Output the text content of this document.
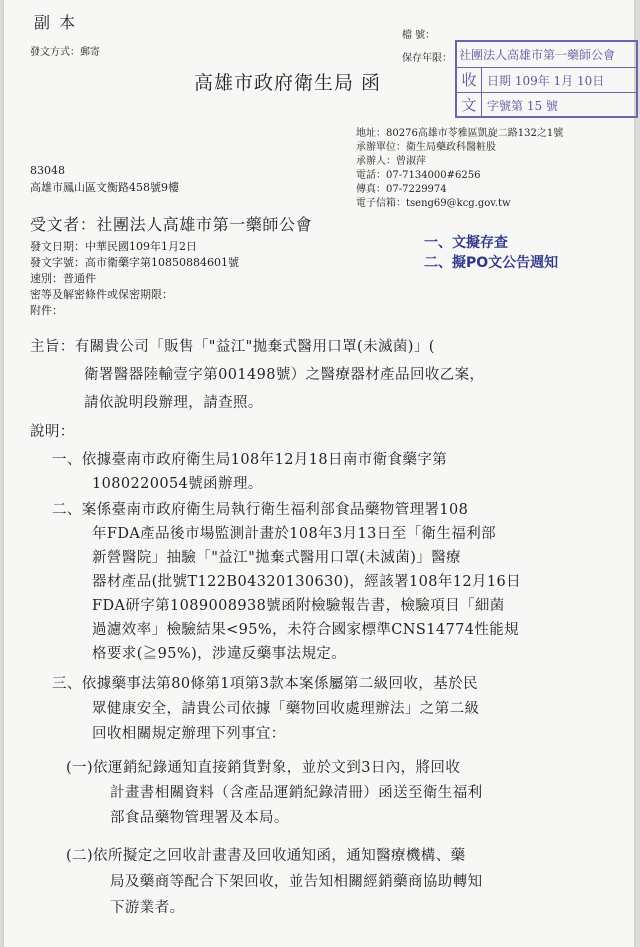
副 本
發文方式：郵寄
檔 號：
保存年限：
高雄市政府衛生局 函
社團法人高雄市第一藥師公會
收 日期 109年 1月 10日
文 字號第 15 號
地址：80276高雄市苓雅區凱旋二路132之1號
承辦單位：衛生局藥政科醫粧股
承辦人：曾淑萍
電話：07-7134000#6256
傳真：07-7229974
電子信箱：tseng69@kcg.gov.tw
83048
高雄市鳳山區文衡路458號9樓
受文者：社團法人高雄市第一藥師公會
發文日期：中華民國109年1月2日
發文字號：高市衛藥字第10850884601號
速別：普通件
密等及解密條件或保密期限：
附件：
一、文擬存查
二、擬PO文公告週知
主旨：有關貴公司「販售「"益江"拋棄式醫用口罩(未滅菌)」(
衛署醫器陸輸壹字第001498號）之醫療器材產品回收乙案，
請依說明段辦理，請查照。
說明：
一、依據臺南市政府衛生局108年12月18日南市衛食藥字第
1080220054號函辦理。
二、案係臺南市政府衛生局執行衛生福利部食品藥物管理署108
年FDA產品後市場監測計畫於108年3月13日至「衛生福利部
新營醫院」抽驗「"益江"拋棄式醫用口罩(未滅菌)」醫療
器材產品(批號T122B04320130630)，經該署108年12月16日
FDA研字第1089008938號函附檢驗報告書，檢驗項目「細菌
過濾效率」檢驗結果<95%，未符合國家標準CNS14774性能規
格要求(≧95%)，涉違反藥事法規定。
三、依據藥事法第80條第1項第3款本案係屬第二級回收，基於民
眾健康安全，請貴公司依據「藥物回收處理辦法」之第二級
回收相關規定辦理下列事宜：
(一)依運銷紀錄通知直接銷貨對象，並於文到3日內，將回收
計畫書相關資料（含產品運銷紀錄清冊）函送至衛生福利
部食品藥物管理署及本局。
(二)依所擬定之回收計畫書及回收通知函，通知醫療機構、藥
局及藥商等配合下架回收，並告知相關經銷藥商協助轉知
下游業者。
